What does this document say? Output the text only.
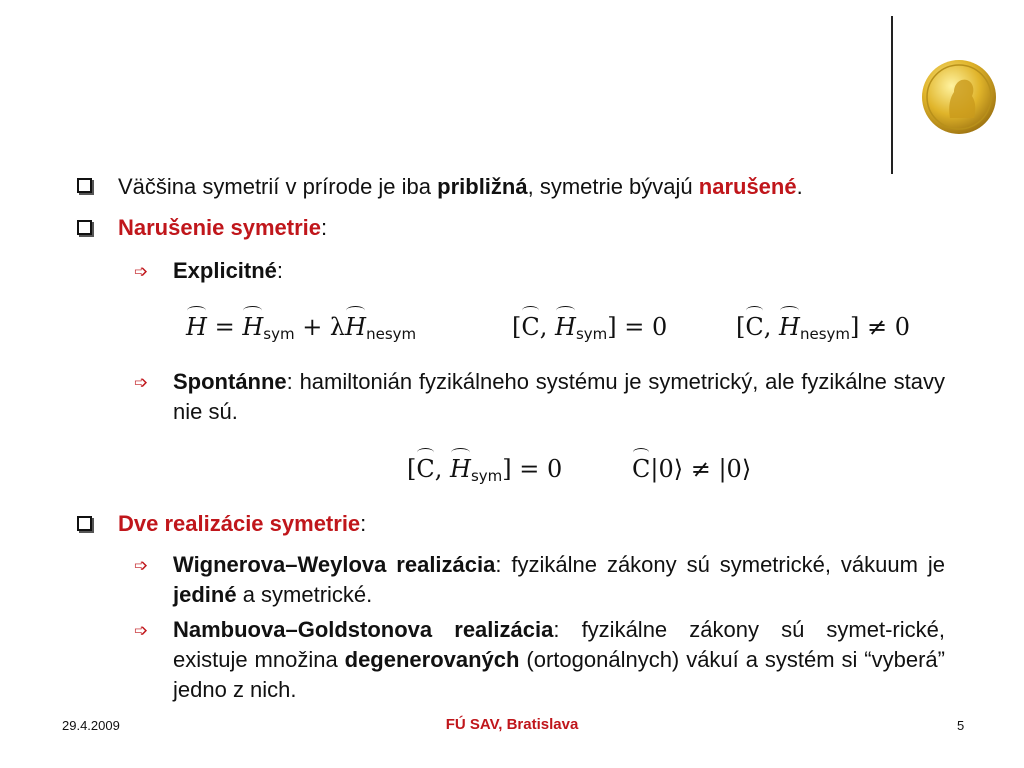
Väčšina symetrií v prírode je iba približná, symetrie bývajú narušené.
Narušenie symetrie:
➩ Explicitné:
$H = H_{sym} + \lambda H_{nesym}$	[C, $H_{sym}] = 0$	[C, $H_{nesym}] \ne 0$
➩ Spontánne: hamiltonián fyzikálneho systému je symetrický, ale fyzikálne stavy nie sú.
[C, $H_{sym}] = 0$	C|0⟩ ≠ |0⟩
Dve realizácie symetrie:
➩ Wignerova–Weylova realizácia: fyzikálne zákony sú symetrické, vákuum je jediné a symetrické.
➩ Nambuova–Goldstonova realizácia: fyzikálne zákony sú symet-rické, existuje množina degenerovaných (ortogonálnych) vákuí a systém si “vyberá” jedno z nich.
29.4.2009	FÚ SAV, Bratislava	5
